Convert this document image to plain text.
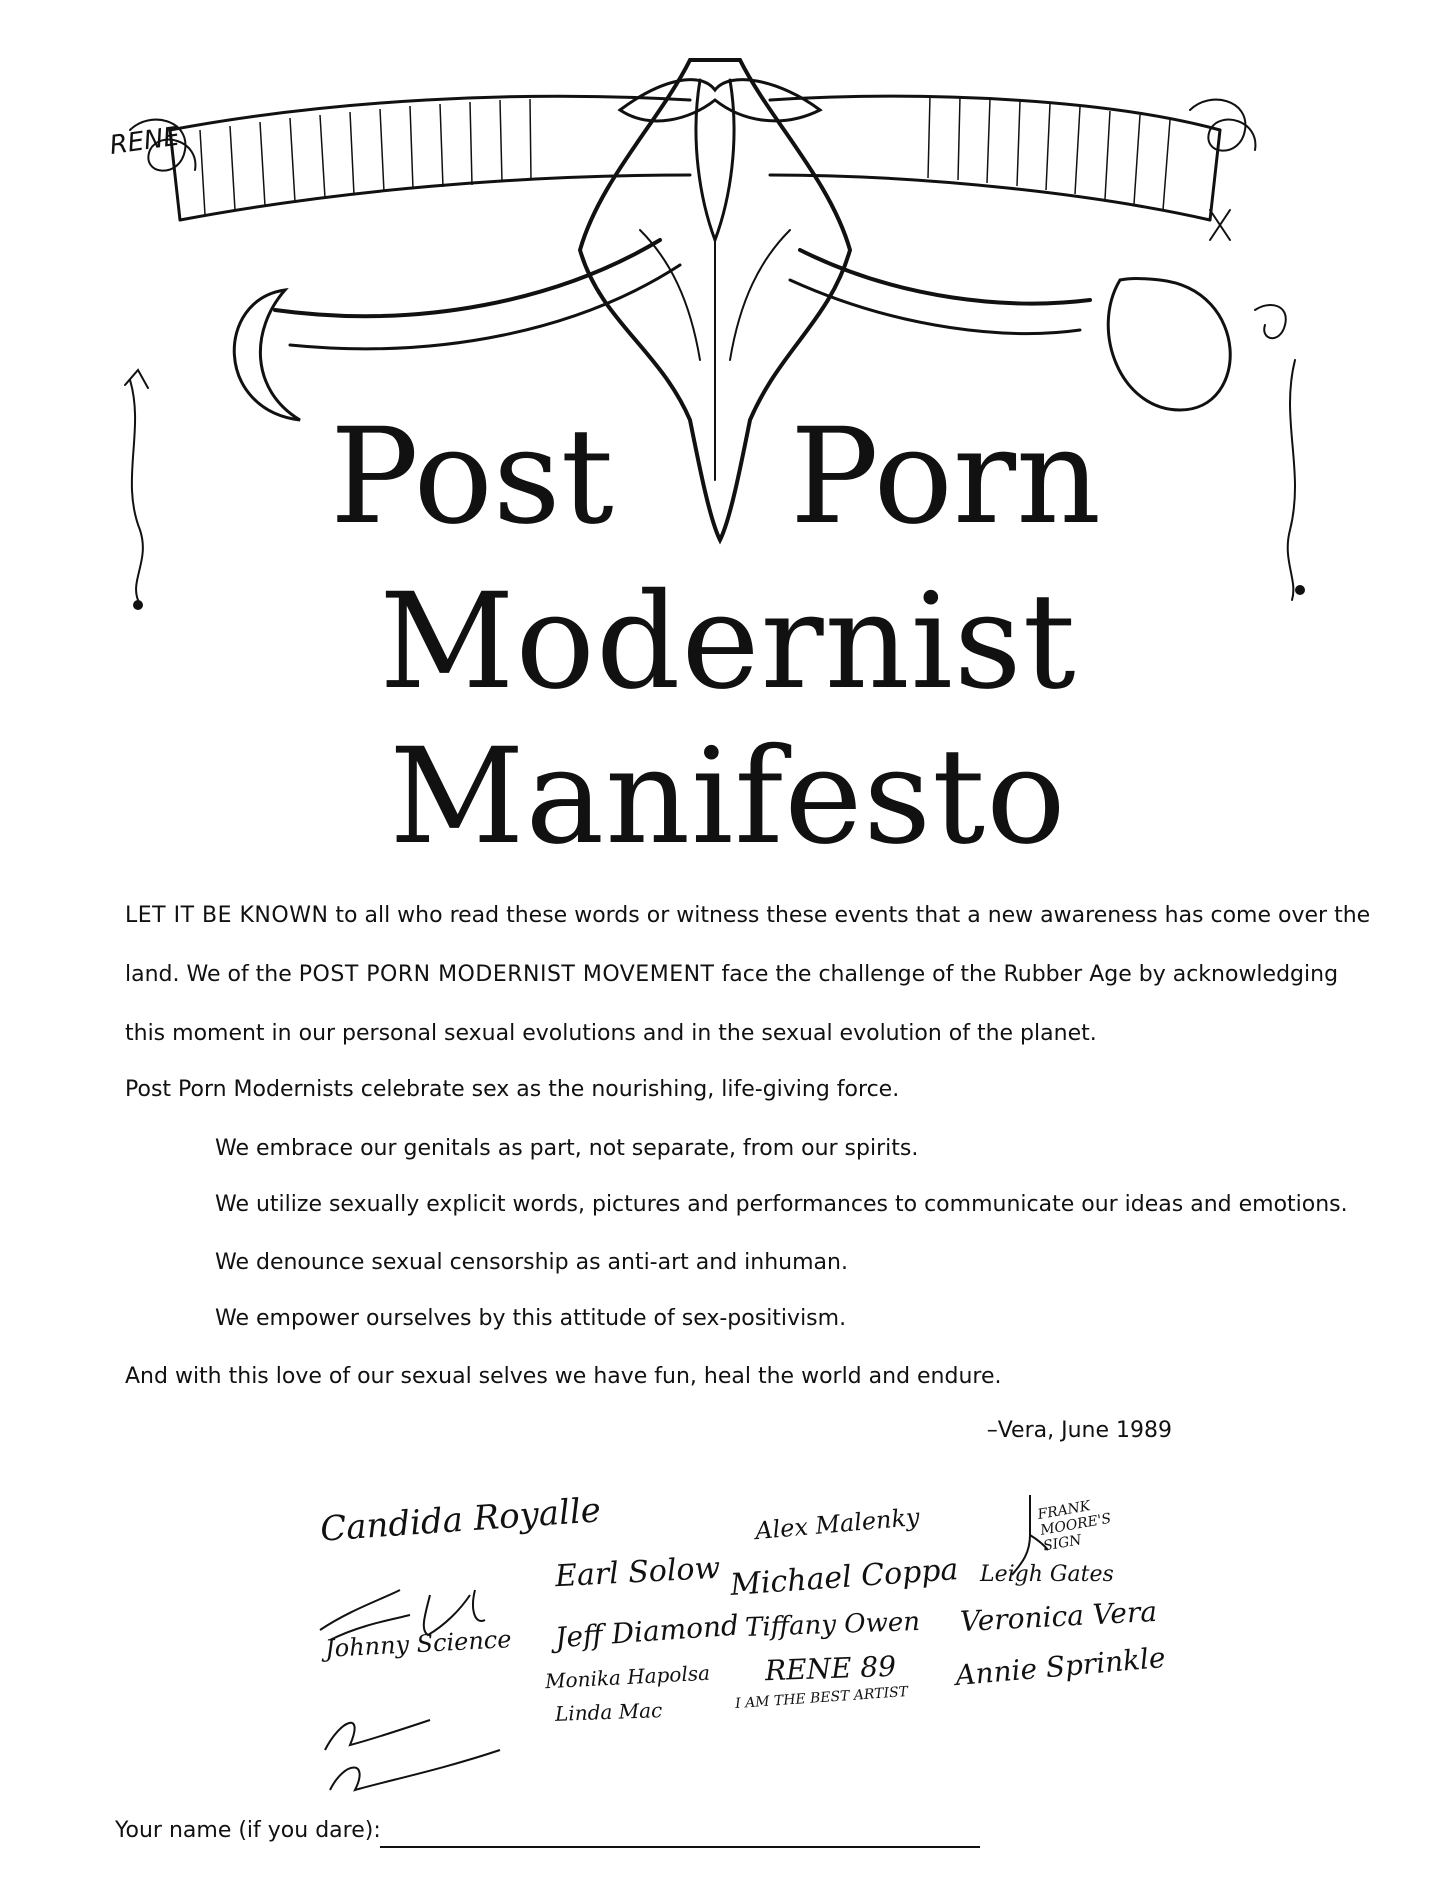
RENE
Post Porn
Modernist
Manifesto
LET IT BE KNOWN to all who read these words or witness these events that a new awareness has come over the
land. We of the POST PORN MODERNIST MOVEMENT face the challenge of the Rubber Age by acknowledging
this moment in our personal sexual evolutions and in the sexual evolution of the planet.
Post Porn Modernists celebrate sex as the nourishing, life-giving force.
We embrace our genitals as part, not separate, from our spirits.
We utilize sexually explicit words, pictures and performances to communicate our ideas and emotions.
We denounce sexual censorship as anti-art and inhuman.
We empower ourselves by this attitude of sex-positivism.
And with this love of our sexual selves we have fun, heal the world and endure.
–Vera, June 1989
Candida Royalle
Johnny Science
Earl Solow
Jeff Diamond
Monika Hapolsa
Linda Mac
Alex Malenky
Michael Coppa
Tiffany Owen
RENE 89
I AM THE BEST ARTIST
FRANK MOORE'S SIGN
Leigh Gates
Veronica Vera
Annie Sprinkle
Your name (if you dare):
